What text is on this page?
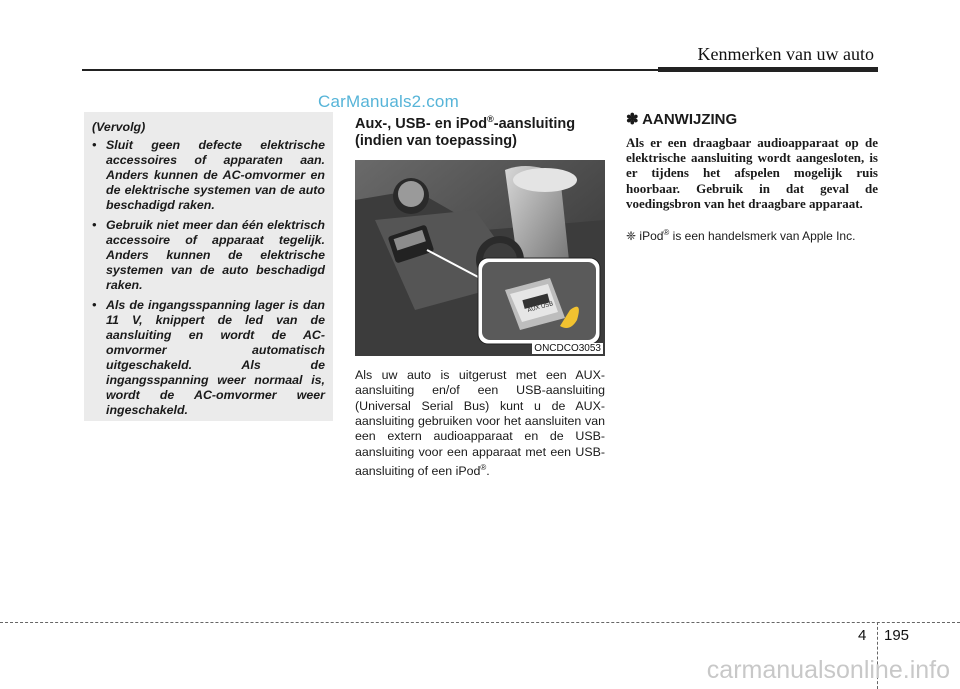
Kenmerken van uw auto
CarManuals2.com
(Vervolg)
• Sluit geen defecte elektrische accessoires of apparaten aan. Anders kunnen de AC-omvormer en de elektrische systemen van de auto beschadigd raken.
• Gebruik niet meer dan één elektrisch accessoire of apparaat tegelijk. Anders kunnen de elektrische systemen van de auto beschadigd raken.
• Als de ingangsspanning lager is dan 11 V, knippert de led van de aansluiting en wordt de AC-omvormer automatisch uitgeschakeld. Als de ingangsspanning weer normaal is, wordt de AC-omvormer weer ingeschakeld.
Aux-, USB- en iPod®-aansluiting (indien van toepassing)
AUX USB
ONCDCO3053

Als uw auto is uitgerust met een AUX-aansluiting en/of een USB-aansluiting (Universal Serial Bus) kunt u de AUX-aansluiting gebruiken voor het aansluiten van een extern audioapparaat en de USB-aansluiting voor een apparaat met een USB-aansluiting of een iPod®.

✽ AANWIJZING

Als er een draagbaar audioapparaat op de elektrische aansluiting wordt aangesloten, is er tijdens het afspelen mogelijk ruis hoorbaar. Gebruik in dat geval de voedingsbron van het draagbare apparaat.

❈ iPod® is een handelsmerk van Apple Inc.
4 195
carmanualsonline.info
